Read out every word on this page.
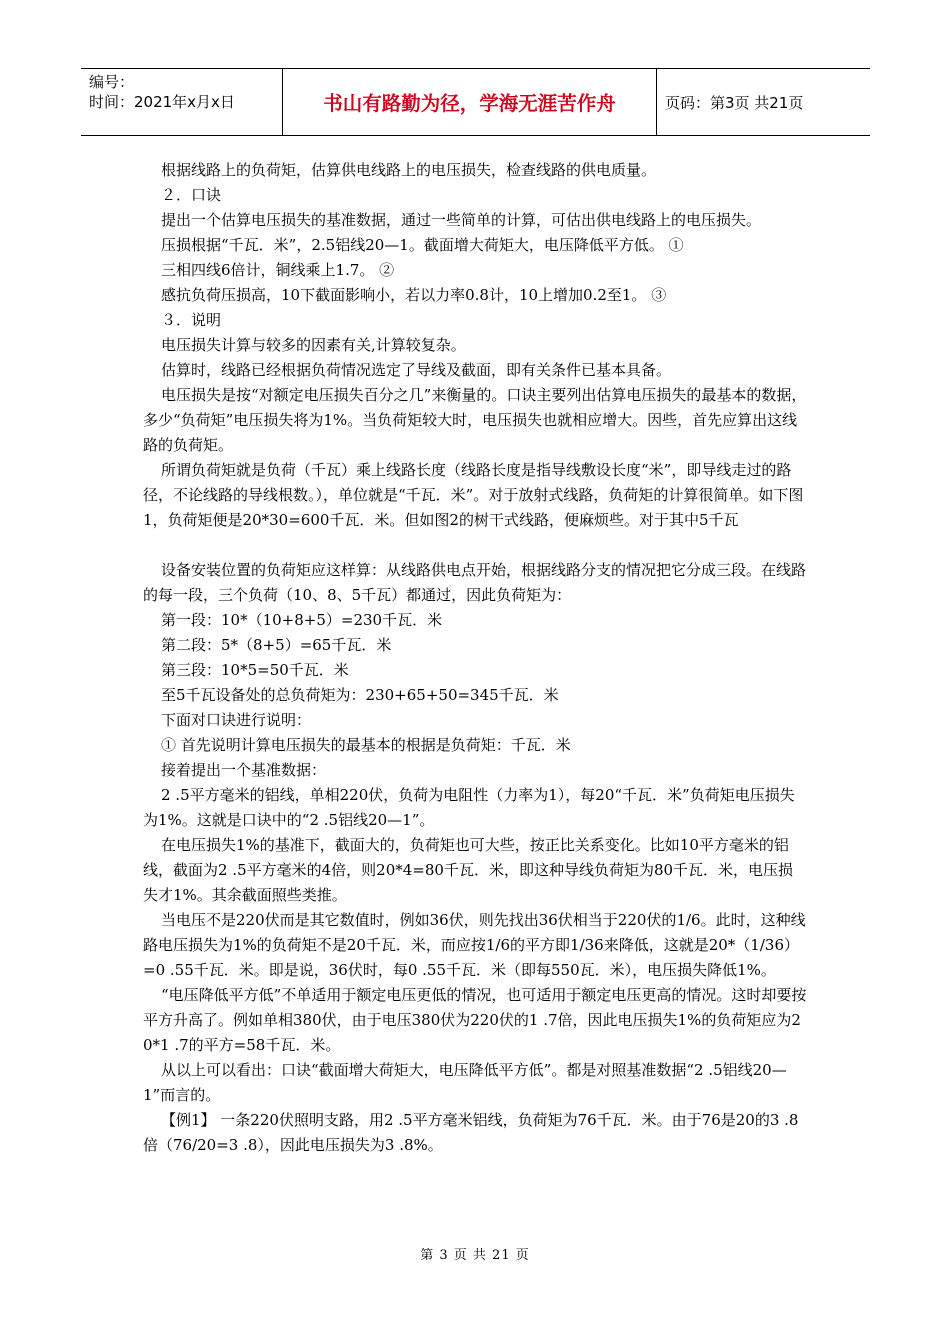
编号：
时间：2021年x月x日	书山有路勤为径，学海无涯苦作舟	页码：第3页 共21页

根据线路上的负荷矩，估算供电线路上的电压损失，检查线路的供电质量。

２．口诀

提出一个估算电压损失的基准数据，通过一些简单的计算，可估出供电线路上的电压损失。

压损根据“千瓦．米”，2.5铝线20—1。截面增大荷矩大，电压降低平方低。 ①

三相四线6倍计，铜线乘上1.7。 ②

感抗负荷压损高，10下截面影响小，若以力率0.8计，10上增加0.2至1。 ③

３．说明

电压损失计算与较多的因素有关,计算较复杂。

估算时，线路已经根据负荷情况选定了导线及截面，即有关条件已基本具备。

电压损失是按“对额定电压损失百分之几”来衡量的。口诀主要列出估算电压损失的最基本的数据，多少“负荷矩”电压损失将为1%。当负荷矩较大时，电压损失也就相应增大。因些，首先应算出这线路的负荷矩。

所谓负荷矩就是负荷（千瓦）乘上线路长度（线路长度是指导线敷设长度“米”，即导线走过的路径，不论线路的导线根数。），单位就是“千瓦．米”。对于放射式线路，负荷矩的计算很简单。如下图1，负荷矩便是20*30=600千瓦．米。但如图2的树干式线路，便麻烦些。对于其中5千瓦

设备安装位置的负荷矩应这样算：从线路供电点开始，根据线路分支的情况把它分成三段。在线路的每一段，三个负荷（10、8、5千瓦）都通过，因此负荷矩为：

第一段：10*（10+8+5）=230千瓦．米

第二段：5*（8+5）=65千瓦．米

第三段：10*5=50千瓦．米

至5千瓦设备处的总负荷矩为：230+65+50=345千瓦．米

下面对口诀进行说明：

① 首先说明计算电压损失的最基本的根据是负荷矩：千瓦．米

接着提出一个基准数据：

2 .5平方毫米的铝线，单相220伏，负荷为电阻性（力率为1），每20“千瓦．米”负荷矩电压损失为1%。这就是口诀中的“2 .5铝线20—1”。

在电压损失1%的基准下，截面大的，负荷矩也可大些，按正比关系变化。比如10平方毫米的铝线，截面为2 .5平方毫米的4倍，则20*4=80千瓦．米，即这种导线负荷矩为80千瓦．米，电压损失才1%。其余截面照些类推。

当电压不是220伏而是其它数值时，例如36伏，则先找出36伏相当于220伏的1/6。此时，这种线路电压损失为1%的负荷矩不是20千瓦．米，而应按1/6的平方即1/36来降低，这就是20*（1/36）=0 .55千瓦．米。即是说，36伏时，每0 .55千瓦．米（即每550瓦．米），电压损失降低1%。

“电压降低平方低”不单适用于额定电压更低的情况，也可适用于额定电压更高的情况。这时却要按平方升高了。例如单相380伏，由于电压380伏为220伏的1 .7倍，因此电压损失1%的负荷矩应为20*1 .7的平方=58千瓦．米。

从以上可以看出：口诀“截面增大荷矩大，电压降低平方低”。都是对照基准数据“2 .5铝线20—1”而言的。

【例1】 一条220伏照明支路，用2 .5平方毫米铝线，负荷矩为76千瓦．米。由于76是20的3 .8倍（76/20=3 .8），因此电压损失为3 .8%。

第 3 页 共 21 页
